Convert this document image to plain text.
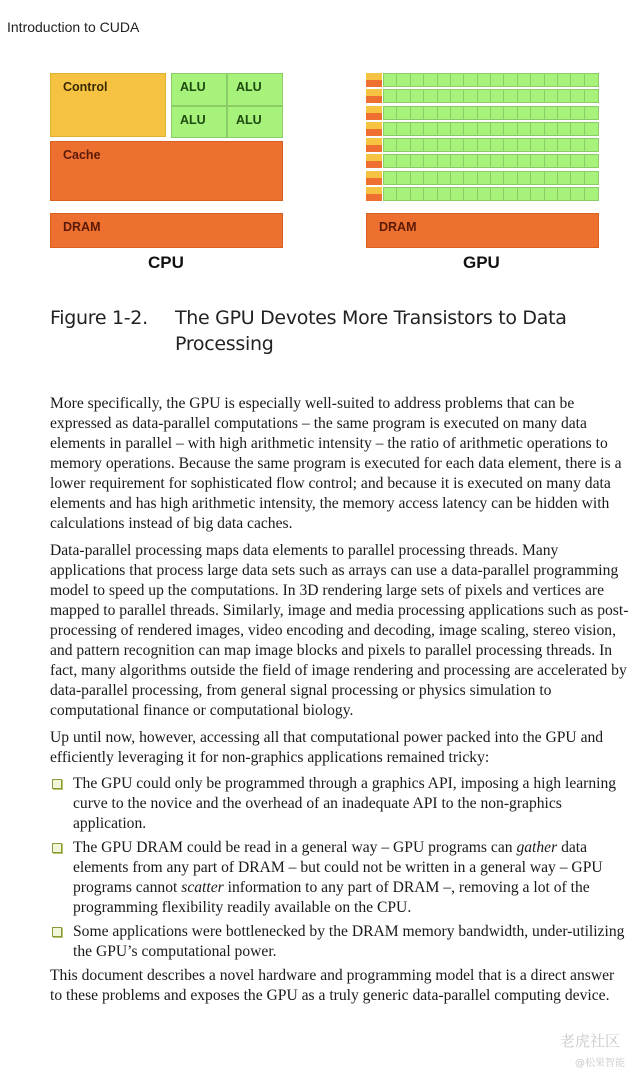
Introduction to CUDA
Control	ALU ALU
ALU ALU
Cache
DRAM
CPU
DRAM
GPU
Figure 1-2. The GPU Devotes More Transistors to Data Processing

More specifically, the GPU is especially well-suited to address problems that can be expressed as data-parallel computations – the same program is executed on many data elements in parallel – with high arithmetic intensity – the ratio of arithmetic operations to memory operations. Because the same program is executed for each data element, there is a lower requirement for sophisticated flow control; and because it is executed on many data elements and has high arithmetic intensity, the memory access latency can be hidden with calculations instead of big data caches.

Data-parallel processing maps data elements to parallel processing threads. Many applications that process large data sets such as arrays can use a data-parallel programming model to speed up the computations. In 3D rendering large sets of pixels and vertices are mapped to parallel threads. Similarly, image and media processing applications such as post-processing of rendered images, video encoding and decoding, image scaling, stereo vision, and pattern recognition can map image blocks and pixels to parallel processing threads. In fact, many algorithms outside the field of image rendering and processing are accelerated by data-parallel processing, from general signal processing or physics simulation to computational finance or computational biology.

Up until now, however, accessing all that computational power packed into the GPU and efficiently leveraging it for non-graphics applications remained tricky:

The GPU could only be programmed through a graphics API, imposing a high learning curve to the novice and the overhead of an inadequate API to the non-graphics application.
The GPU DRAM could be read in a general way – GPU programs can gather data elements from any part of DRAM – but could not be written in a general way – GPU programs cannot scatter information to any part of DRAM –, removing a lot of the programming flexibility readily available on the CPU.
Some applications were bottlenecked by the DRAM memory bandwidth, under-utilizing the GPU’s computational power.

This document describes a novel hardware and programming model that is a direct answer to these problems and exposes the GPU as a truly generic data-parallel computing device.

老虎社区
@松果智能
